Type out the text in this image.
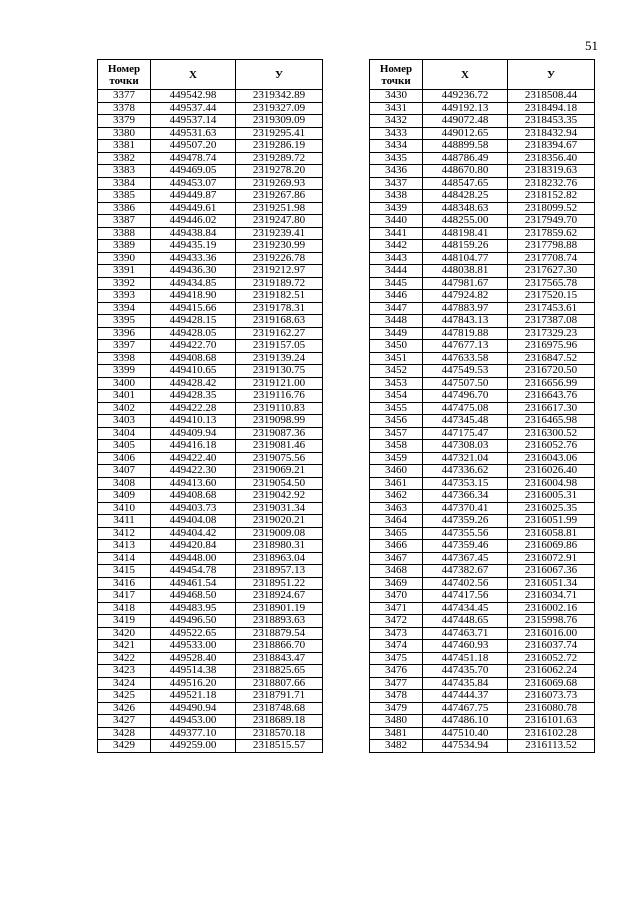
51
Номер
точки	X	У
3377	449542.98	2319342.89
3378	449537.44	2319327.09
3379	449537.14	2319309.09
3380	449531.63	2319295.41
3381	449507.20	2319286.19
3382	449478.74	2319289.72
3383	449469.05	2319278.20
3384	449453.07	2319269.93
3385	449449.87	2319267.86
3386	449449.61	2319251.98
3387	449446.02	2319247.80
3388	449438.84	2319239.41
3389	449435.19	2319230.99
3390	449433.36	2319226.78
3391	449436.30	2319212.97
3392	449434.85	2319189.72
3393	449418.90	2319182.51
3394	449415.66	2319178.31
3395	449428.15	2319168.63
3396	449428.05	2319162.27
3397	449422.70	2319157.05
3398	449408.68	2319139.24
3399	449410.65	2319130.75
3400	449428.42	2319121.00
3401	449428.35	2319116.76
3402	449422.28	2319110.83
3403	449410.13	2319098.99
3404	449409.94	2319087.36
3405	449416.18	2319081.46
3406	449422.40	2319075.56
3407	449422.30	2319069.21
3408	449413.60	2319054.50
3409	449408.68	2319042.92
3410	449403.73	2319031.34
3411	449404.08	2319020.21
3412	449404.42	2319009.08
3413	449420.84	2318980.31
3414	449448.00	2318963.04
3415	449454.78	2318957.13
3416	449461.54	2318951.22
3417	449468.50	2318924.67
3418	449483.95	2318901.19
3419	449496.50	2318893.63
3420	449522.65	2318879.54
3421	449533.00	2318866.70
3422	449528.40	2318843.47
3423	449514.38	2318825.65
3424	449516.20	2318807.66
3425	449521.18	2318791.71
3426	449490.94	2318748.68
3427	449453.00	2318689.18
3428	449377.10	2318570.18
3429	449259.00	2318515.57
Номер
точки	X	У
3430	449236.72	2318508.44
3431	449192.13	2318494.18
3432	449072.48	2318453.35
3433	449012.65	2318432.94
3434	448899.58	2318394.67
3435	448786.49	2318356.40
3436	448670.80	2318319.63
3437	448547.65	2318232.76
3438	448428.25	2318152.82
3439	448348.63	2318099.52
3440	448255.00	2317949.70
3441	448198.41	2317859.62
3442	448159.26	2317798.88
3443	448104.77	2317708.74
3444	448038.81	2317627.30
3445	447981.67	2317565.78
3446	447924.82	2317520.15
3447	447883.97	2317453.61
3448	447843.13	2317387.08
3449	447819.88	2317329.23
3450	447677.13	2316975.96
3451	447633.58	2316847.52
3452	447549.53	2316720.50
3453	447507.50	2316656.99
3454	447496.70	2316643.76
3455	447475.08	2316617.30
3456	447345.48	2316465.98
3457	447175.47	2316300.52
3458	447308.03	2316052.76
3459	447321.04	2316043.06
3460	447336.62	2316026.40
3461	447353.15	2316004.98
3462	447366.34	2316005.31
3463	447370.41	2316025.35
3464	447359.26	2316051.99
3465	447355.56	2316058.81
3466	447359.46	2316069.86
3467	447367.45	2316072.91
3468	447382.67	2316067.36
3469	447402.56	2316051.34
3470	447417.56	2316034.71
3471	447434.45	2316002.16
3472	447448.65	2315998.76
3473	447463.71	2316016.00
3474	447460.93	2316037.74
3475	447451.18	2316052.72
3476	447435.70	2316062.24
3477	447435.84	2316069.68
3478	447444.37	2316073.73
3479	447467.75	2316080.78
3480	447486.10	2316101.63
3481	447510.40	2316102.28
3482	447534.94	2316113.52
